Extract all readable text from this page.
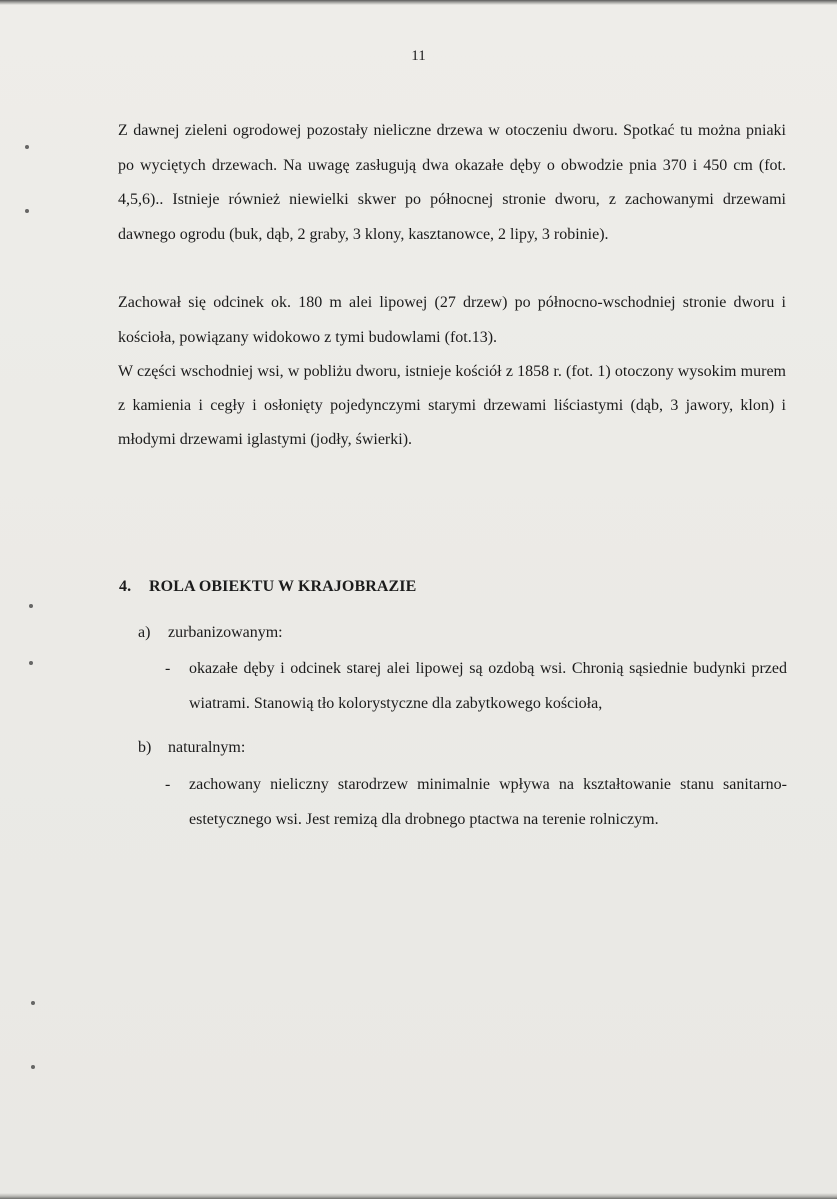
11

Z dawnej zieleni ogrodowej pozostały nieliczne drzewa w otoczeniu dworu. Spotkać tu można pniaki po wyciętych drzewach. Na uwagę zasługują dwa okazałe dęby o obwodzie pnia 370 i 450 cm (fot. 4,5,6).. Istnieje również niewielki skwer po północnej stronie dworu, z zachowanymi drzewami dawnego ogrodu (buk, dąb, 2 graby, 3 klony, kasztanowce, 2 lipy, 3 robinie).

Zachował się odcinek ok. 180 m alei lipowej (27 drzew) po północno-wschodniej stronie dworu i kościoła, powiązany widokowo z tymi budowlami (fot.13).

W części wschodniej wsi, w pobliżu dworu, istnieje kościół z 1858 r. (fot. 1) otoczony wysokim murem z kamienia i cegły i osłonięty pojedynczymi starymi drzewami liściastymi (dąb, 3 jawory, klon) i młodymi drzewami iglastymi (jodły, świerki).

4. ROLA OBIEKTU W KRAJOBRAZIE
a) zurbanizowanym:
- okazałe dęby i odcinek starej alei lipowej są ozdobą wsi. Chronią sąsiednie budynki przed wiatrami. Stanowią tło kolorystyczne dla zabytkowego kościoła,
b) naturalnym:
- zachowany nieliczny starodrzew minimalnie wpływa na kształtowanie stanu sanitarno-estetycznego wsi. Jest remizą dla drobnego ptactwa na terenie rolniczym.
